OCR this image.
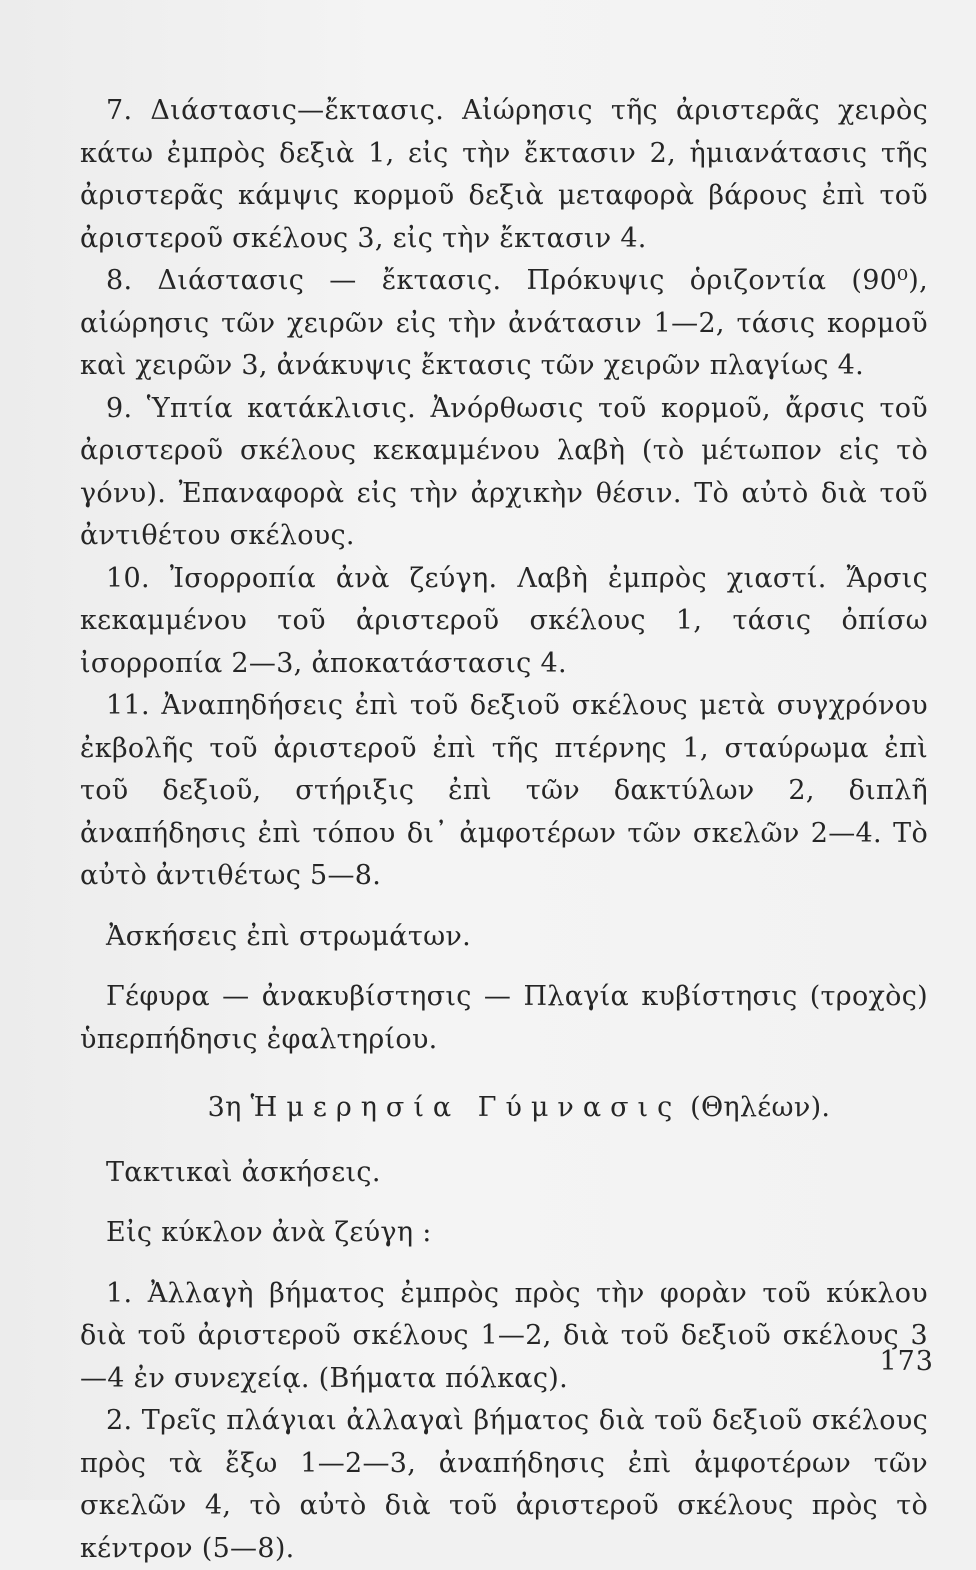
7. Διάστασις—ἔκτασις. Αἰώρησις τῆς ἀριστερᾶς χειρὸς κάτω ἐμπρὸς δεξιὰ 1, εἰς τὴν ἔκτασιν 2, ἡμιανάτασις τῆς ἀριστερᾶς κάμψις κορμοῦ δεξιὰ μεταφορὰ βάρους ἐπὶ τοῦ ἀριστεροῦ σκέλους 3, εἰς τὴν ἔκτασιν 4.

8. Διάστασις — ἔκτασις. Πρόκυψις ὁριζοντία (90⁰), αἰώρησις τῶν χειρῶν εἰς τὴν ἀνάτασιν 1—2, τάσις κορμοῦ καὶ χειρῶν 3, ἀνάκυψις ἔκτασις τῶν χειρῶν πλαγίως 4.

9. Ὑπτία κατάκλισις. Ἀνόρθωσις τοῦ κορμοῦ, ἄρσις τοῦ ἀριστεροῦ σκέλους κεκαμμένου λαβὴ (τὸ μέτωπον εἰς τὸ γόνυ). Ἐπαναφορὰ εἰς τὴν ἀρχικὴν θέσιν. Τὸ αὐτὸ διὰ τοῦ ἀντιθέτου σκέλους.

10. Ἰσορροπία ἀνὰ ζεύγη. Λαβὴ ἐμπρὸς χιαστί. Ἄρσις κεκαμμένου τοῦ ἀριστεροῦ σκέλους 1, τάσις ὀπίσω ἰσορροπία 2—3, ἀποκατάστασις 4.

11. Ἀναπηδήσεις ἐπὶ τοῦ δεξιοῦ σκέλους μετὰ συγχρόνου ἐκβολῆς τοῦ ἀριστεροῦ ἐπὶ τῆς πτέρνης 1, σταύρωμα ἐπὶ τοῦ δεξιοῦ, στήριξις ἐπὶ τῶν δακτύλων 2, διπλῆ ἀναπήδησις ἐπὶ τόπου δι᾿ ἀμφοτέρων τῶν σκελῶν 2—4. Τὸ αὐτὸ ἀντιθέτως 5—8.

Ἀσκήσεις ἐπὶ στρωμάτων.

Γέφυρα — ἀνακυβίστησις — Πλαγία κυβίστησις (τροχὸς) ὑπερπήδησις ἐφαλτηρίου.

3η Ἡμερησία Γύμνασις (Θηλέων).

Τακτικαὶ ἀσκήσεις.

Εἰς κύκλον ἀνὰ ζεύγη :

1. Ἀλλαγὴ βήματος ἐμπρὸς πρὸς τὴν φορὰν τοῦ κύκλου διὰ τοῦ ἀριστεροῦ σκέλους 1—2, διὰ τοῦ δεξιοῦ σκέλους 3—4 ἐν συνεχείᾳ. (Βήματα πόλκας).

2. Τρεῖς πλάγιαι ἀλλαγαὶ βήματος διὰ τοῦ δεξιοῦ σκέλους πρὸς τὰ ἔξω 1—2—3, ἀναπήδησις ἐπὶ ἀμφοτέρων τῶν σκελῶν 4, τὸ αὐτὸ διὰ τοῦ ἀριστεροῦ σκέλους πρὸς τὸ κέντρον (5—8).

173
